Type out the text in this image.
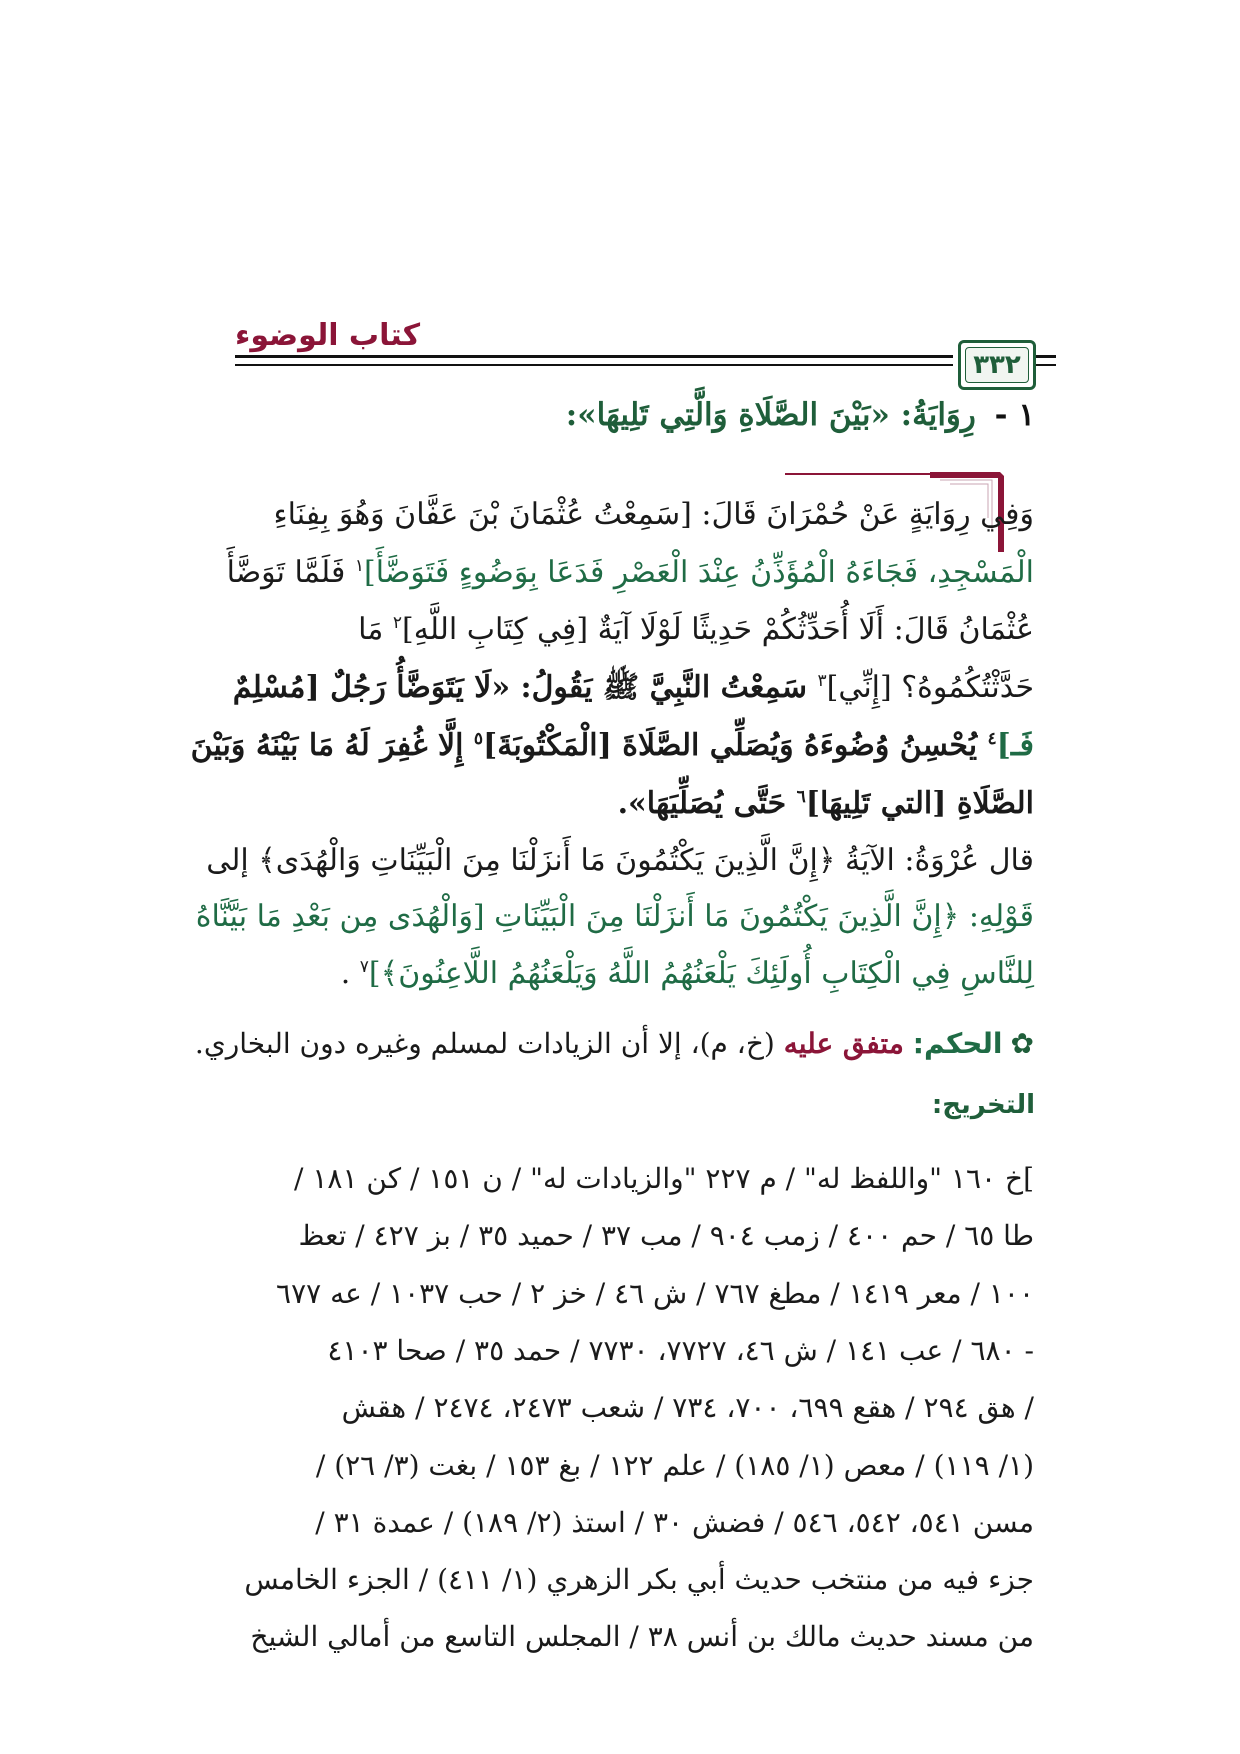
كتاب الوضوء
٣٣٢
١ - رِوَايَةُ: «بَيْنَ الصَّلَاةِ وَالَّتِي تَلِيهَا»:
وَفِي رِوَايَةٍ عَنْ حُمْرَانَ قَالَ: [سَمِعْتُ عُثْمَانَ بْنَ عَفَّانَ وَهُوَ بِفِنَاءِ
الْمَسْجِدِ، فَجَاءَهُ الْمُؤَذِّنُ عِنْدَ الْعَصْرِ فَدَعَا بِوَضُوءٍ فَتَوَضَّأَ]$^١$ فَلَمَّا تَوَضَّأَ
عُثْمَانُ قَالَ: أَلَا أُحَدِّثُكُمْ حَدِيثًا لَوْلَا آيَةٌ [فِي كِتَابِ اللَّهِ]$^٢$ مَا
حَدَّثْتُكُمُوهُ؟ [إِنِّي]$^٣$ سَمِعْتُ النَّبِيَّ ﷺ يَقُولُ: «لَا يَتَوَضَّأُ رَجُلٌ [مُسْلِمٌ
فَـ]$^٤$ يُحْسِنُ وُضُوءَهُ وَيُصَلِّي الصَّلَاةَ [الْمَكْتُوبَةَ]$^٥$ إِلَّا غُفِرَ لَهُ مَا بَيْنَهُ وَبَيْنَ
الصَّلَاةِ [التي تَلِيهَا]$^٦$ حَتَّى يُصَلِّيَهَا».
قال عُرْوَةُ: الآيَةُ ﴿إِنَّ الَّذِينَ يَكْتُمُونَ مَا أَنزَلْنَا مِنَ الْبَيِّنَاتِ وَالْهُدَى﴾ إلى
قَوْلِهِ: ﴿إِنَّ الَّذِينَ يَكْتُمُونَ مَا أَنزَلْنَا مِنَ الْبَيِّنَاتِ [وَالْهُدَى مِن بَعْدِ مَا بَيَّنَّاهُ
لِلنَّاسِ فِي الْكِتَابِ أُولَئِكَ يَلْعَنُهُمُ اللَّهُ وَيَلْعَنُهُمُ اللَّاعِنُونَ﴾]$^٧$ .
✿الحكم: متفق عليه (خ، م)، إلا أن الزيادات لمسلم وغيره دون البخاري.
التخريج:
]خ ١٦٠ "واللفظ له" / م ٢٢٧ "والزيادات له" / ن ١٥١ / كن ١٨١ /
طا ٦٥ / حم ٤٠٠ / زمب ٩٠٤ / مب ٣٧ / حميد ٣٥ / بز ٤٢٧ / تعظ
١٠٠ / معر ١٤١٩ / مطغ ٧٦٧ / ش ٤٦ / خز ٢ / حب ١٠٣٧ / عه ٦٧٧
- ٦٨٠ / عب ١٤١ / ش ٤٦، ٧٧٢٧، ٧٧٣٠ / حمد ٣٥ / صحا ٤١٠٣
/ هق ٢٩٤ / هقع ٦٩٩، ٧٠٠، ٧٣٤ / شعب ٢٤٧٣، ٢٤٧٤ / هقش
(١/ ١١٩) / معص (١/ ١٨٥) / علم ١٢٢ / بغ ١٥٣ / بغت (٣/ ٢٦) /
مسن ٥٤١، ٥٤٢، ٥٤٦ / فضش ٣٠ / استذ (٢/ ١٨٩) / عمدة ٣١ /
جزء فيه من منتخب حديث أبي بكر الزهري (١/ ٤١١) / الجزء الخامس
من مسند حديث مالك بن أنس ٣٨ / المجلس التاسع من أمالي الشيخ
